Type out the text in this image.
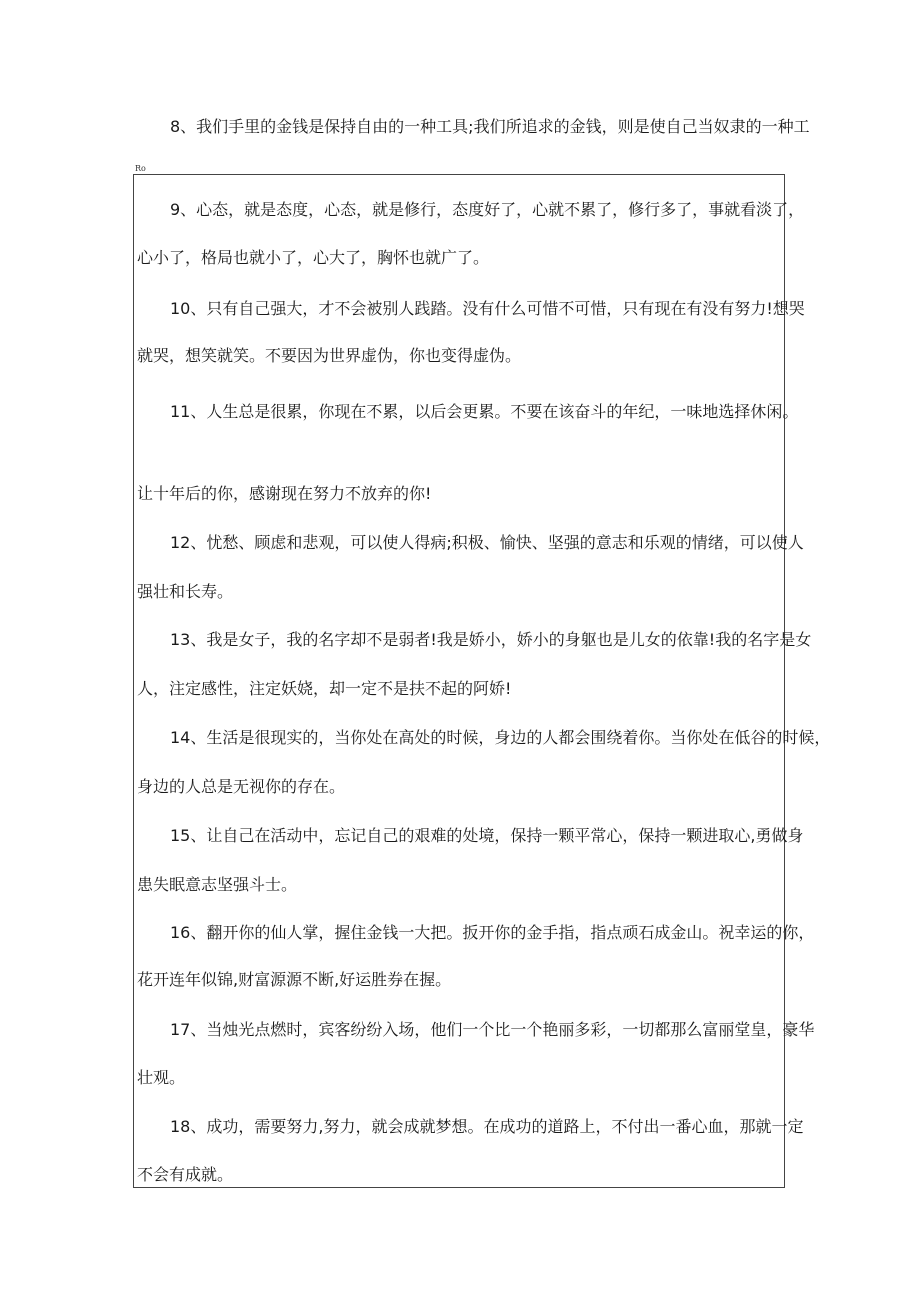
8、我们手里的金钱是保持自由的一种工具;我们所追求的金钱，则是使自己当奴隶的一种工
Ro
9、心态，就是态度，心态，就是修行，态度好了，心就不累了，修行多了，事就看淡了，
心小了，格局也就小了，心大了，胸怀也就广了。
10、只有自己强大，才不会被别人践踏。没有什么可惜不可惜，只有现在有没有努力!想哭
就哭，想笑就笑。不要因为世界虚伪，你也变得虚伪。
11、人生总是很累，你现在不累，以后会更累。不要在该奋斗的年纪，一味地选择休闲。
让十年后的你，感谢现在努力不放弃的你!
12、忧愁、顾虑和悲观，可以使人得病;积极、愉快、坚强的意志和乐观的情绪，可以使人
强壮和长寿。
13、我是女子，我的名字却不是弱者!我是娇小，娇小的身躯也是儿女的依靠!我的名字是女
人，注定感性，注定妖娆，却一定不是扶不起的阿娇!
14、生活是很现实的，当你处在高处的时候，身边的人都会围绕着你。当你处在低谷的时候，
身边的人总是无视你的存在。
15、让自己在活动中，忘记自己的艰难的处境，保持一颗平常心，保持一颗进取心,勇做身
患失眠意志坚强斗士。
16、翻开你的仙人掌，握住金钱一大把。扳开你的金手指，指点顽石成金山。祝幸运的你，
花开连年似锦,财富源源不断,好运胜券在握。
17、当烛光点燃时，宾客纷纷入场，他们一个比一个艳丽多彩，一切都那么富丽堂皇，豪华
壮观。
18、成功，需要努力,努力，就会成就梦想。在成功的道路上，不付出一番心血，那就一定
不会有成就。
